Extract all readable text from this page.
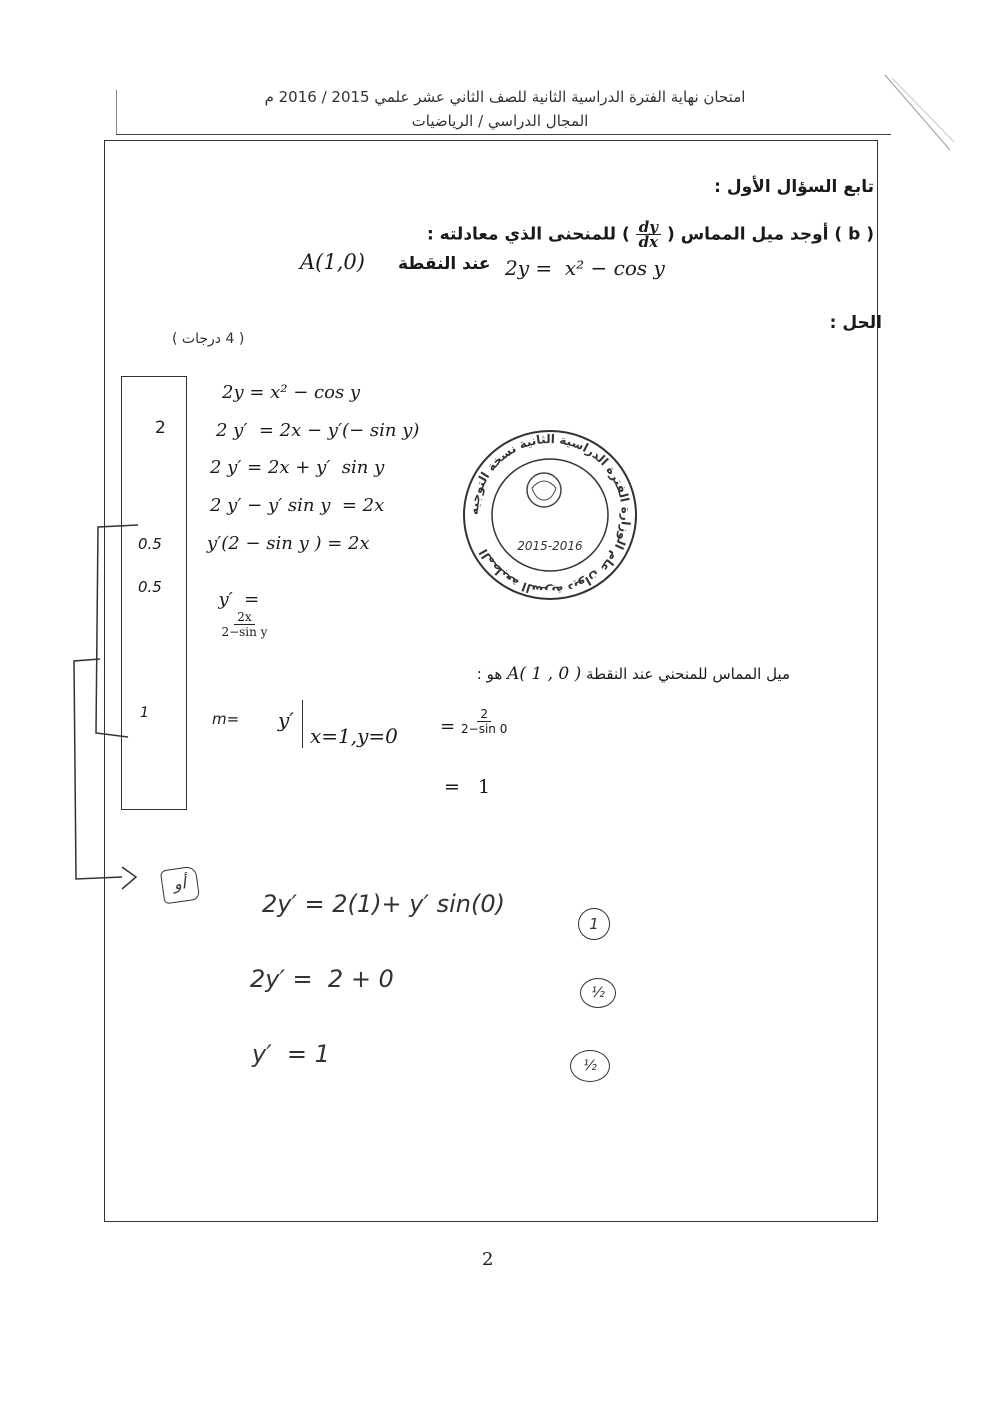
امتحان نهاية الفترة الدراسية الثانية للصف الثاني عشر علمي 2015 / 2016 م
المجال الدراسي / الرياضيات
تابع السؤال الأول :
( b ) أوجد ميل المماس (
$\frac{dy}{dx}$
) للمنحنى الذي معادلته :
2y =  x² − cos y
عند النقطة
A(1,0)
الحل :
( 4 درجات )
2
0.5
0.5
1
2y = x² − cos y
2 y′  = 2x − y′(− sin y)
2 y′ = 2x + y′  sin y
2 y′ − y′ sin y  = 2x
y′(2 − sin y ) = 2x

y′  =

$\frac{2x}{\text{2−sin y}}$

المطبعة السرية ديوان عام الوزارة الفترة الدراسية الثانية نسخة التوجيه	2015-2016
ميل المماس للمنحني عند النقطة A( 1 , 0 ) هو :
m= y′
$x=1,y=0 = \frac{2}{2-\sin 0}$
=   1
أو
2y′ = 2(1)+ y′ sin(0)
2y′ =  2 + 0
y′  = 1
1
½
½
2
